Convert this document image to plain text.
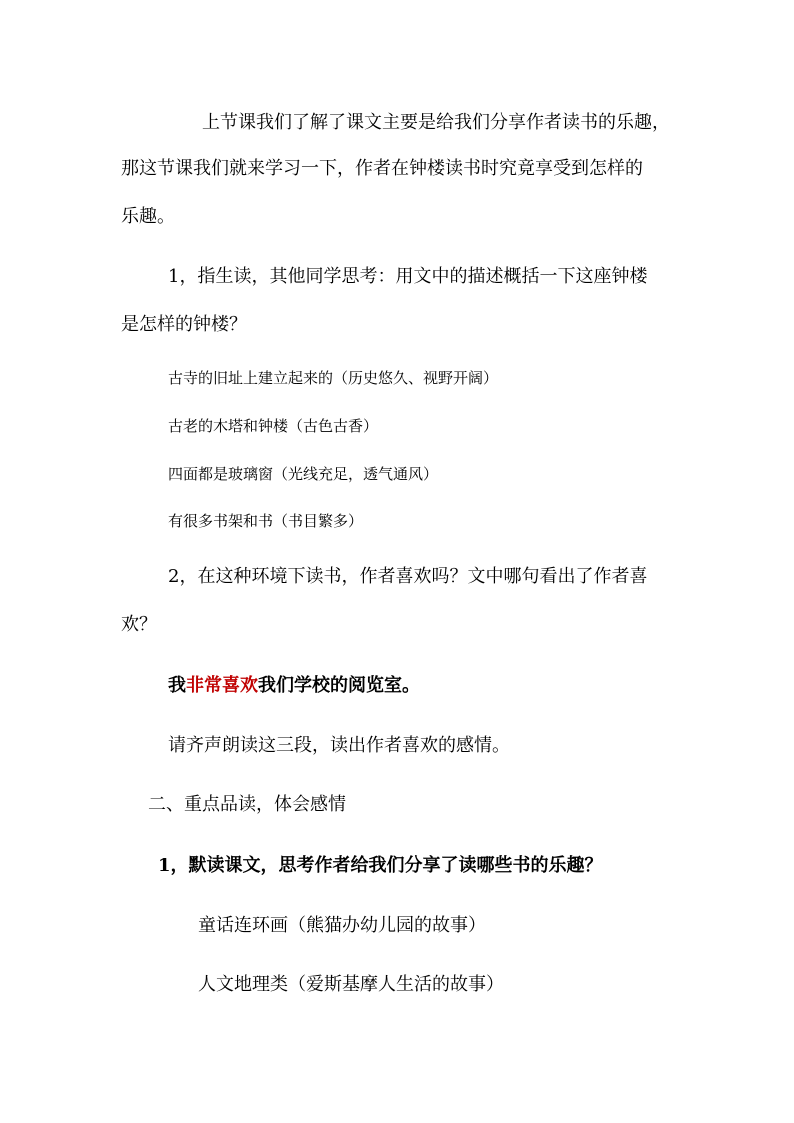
上节课我们了解了课文主要是给我们分享作者读书的乐趣，
那这节课我们就来学习一下，作者在钟楼读书时究竟享受到怎样的
乐趣。
1，指生读，其他同学思考：用文中的描述概括一下这座钟楼
是怎样的钟楼？
古寺的旧址上建立起来的（历史悠久、视野开阔）
古老的木塔和钟楼（古色古香）
四面都是玻璃窗（光线充足，透气通风）
有很多书架和书（书目繁多）
2，在这种环境下读书，作者喜欢吗？文中哪句看出了作者喜
欢？
我非常喜欢我们学校的阅览室。
请齐声朗读这三段，读出作者喜欢的感情。
二、重点品读，体会感情
1，默读课文，思考作者给我们分享了读哪些书的乐趣？
童话连环画（熊猫办幼儿园的故事）
人文地理类（爱斯基摩人生活的故事）
